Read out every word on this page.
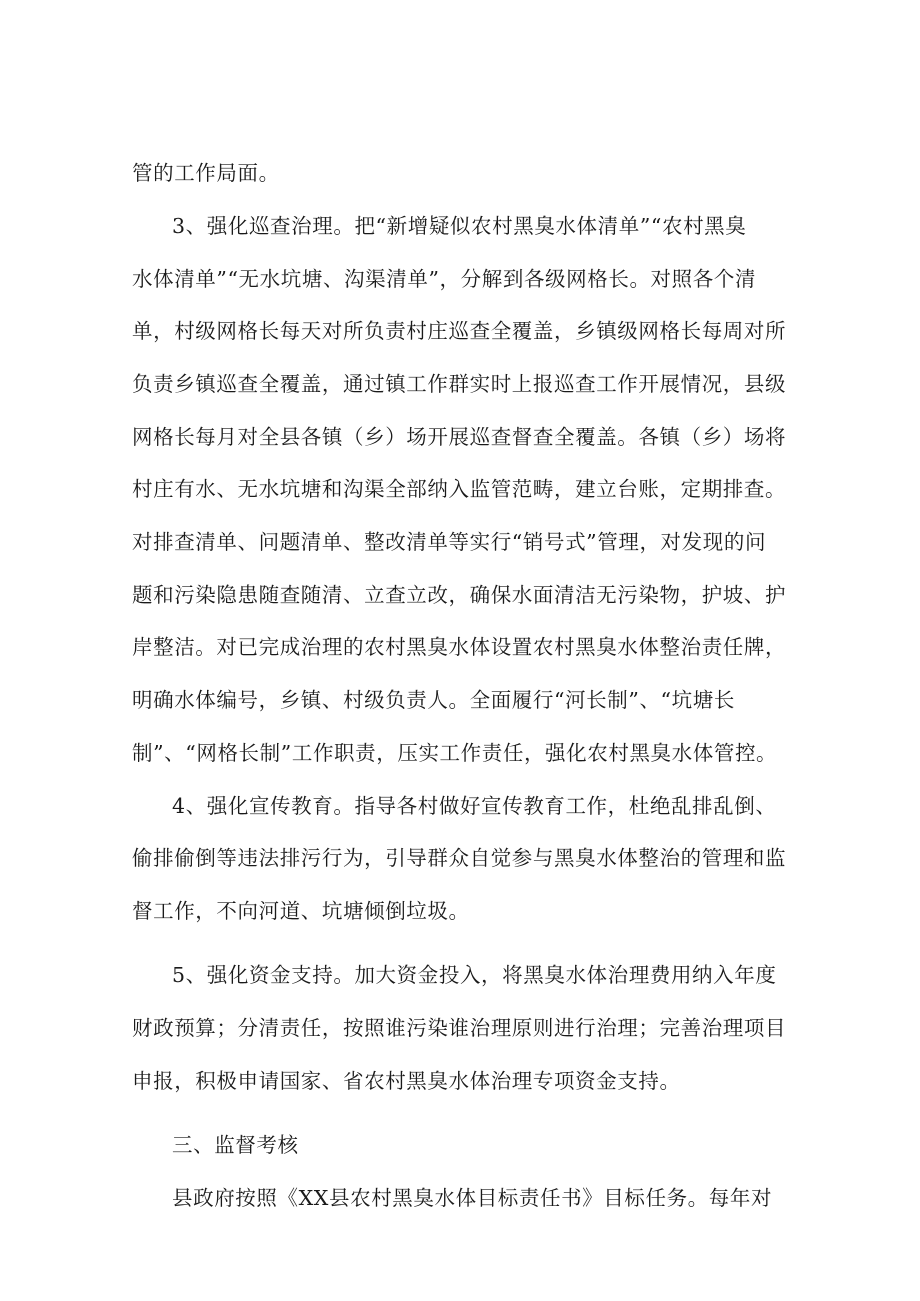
管的工作局面。

3、强化巡查治理。把“新增疑似农村黑臭水体清单”“农村黑臭

水体清单”“无水坑塘、沟渠清单”，分解到各级网格长。对照各个清

单，村级网格长每天对所负责村庄巡查全覆盖，乡镇级网格长每周对所

负责乡镇巡查全覆盖，通过镇工作群实时上报巡查工作开展情况，县级

网格长每月对全县各镇（乡）场开展巡查督查全覆盖。各镇（乡）场将

村庄有水、无水坑塘和沟渠全部纳入监管范畴，建立台账，定期排查。

对排查清单、问题清单、整改清单等实行“销号式”管理，对发现的问

题和污染隐患随查随清、立查立改，确保水面清洁无污染物，护坡、护

岸整洁。对已完成治理的农村黑臭水体设置农村黑臭水体整治责任牌，

明确水体编号，乡镇、村级负责人。全面履行“河长制”、“坑塘长

制”、“网格长制”工作职责，压实工作责任，强化农村黑臭水体管控。

4、强化宣传教育。指导各村做好宣传教育工作，杜绝乱排乱倒、

偷排偷倒等违法排污行为，引导群众自觉参与黑臭水体整治的管理和监

督工作，不向河道、坑塘倾倒垃圾。

5、强化资金支持。加大资金投入，将黑臭水体治理费用纳入年度

财政预算；分清责任，按照谁污染谁治理原则进行治理；完善治理项目

申报，积极申请国家、省农村黑臭水体治理专项资金支持。

三、监督考核

县政府按照《XX县农村黑臭水体目标责任书》目标任务。每年对
